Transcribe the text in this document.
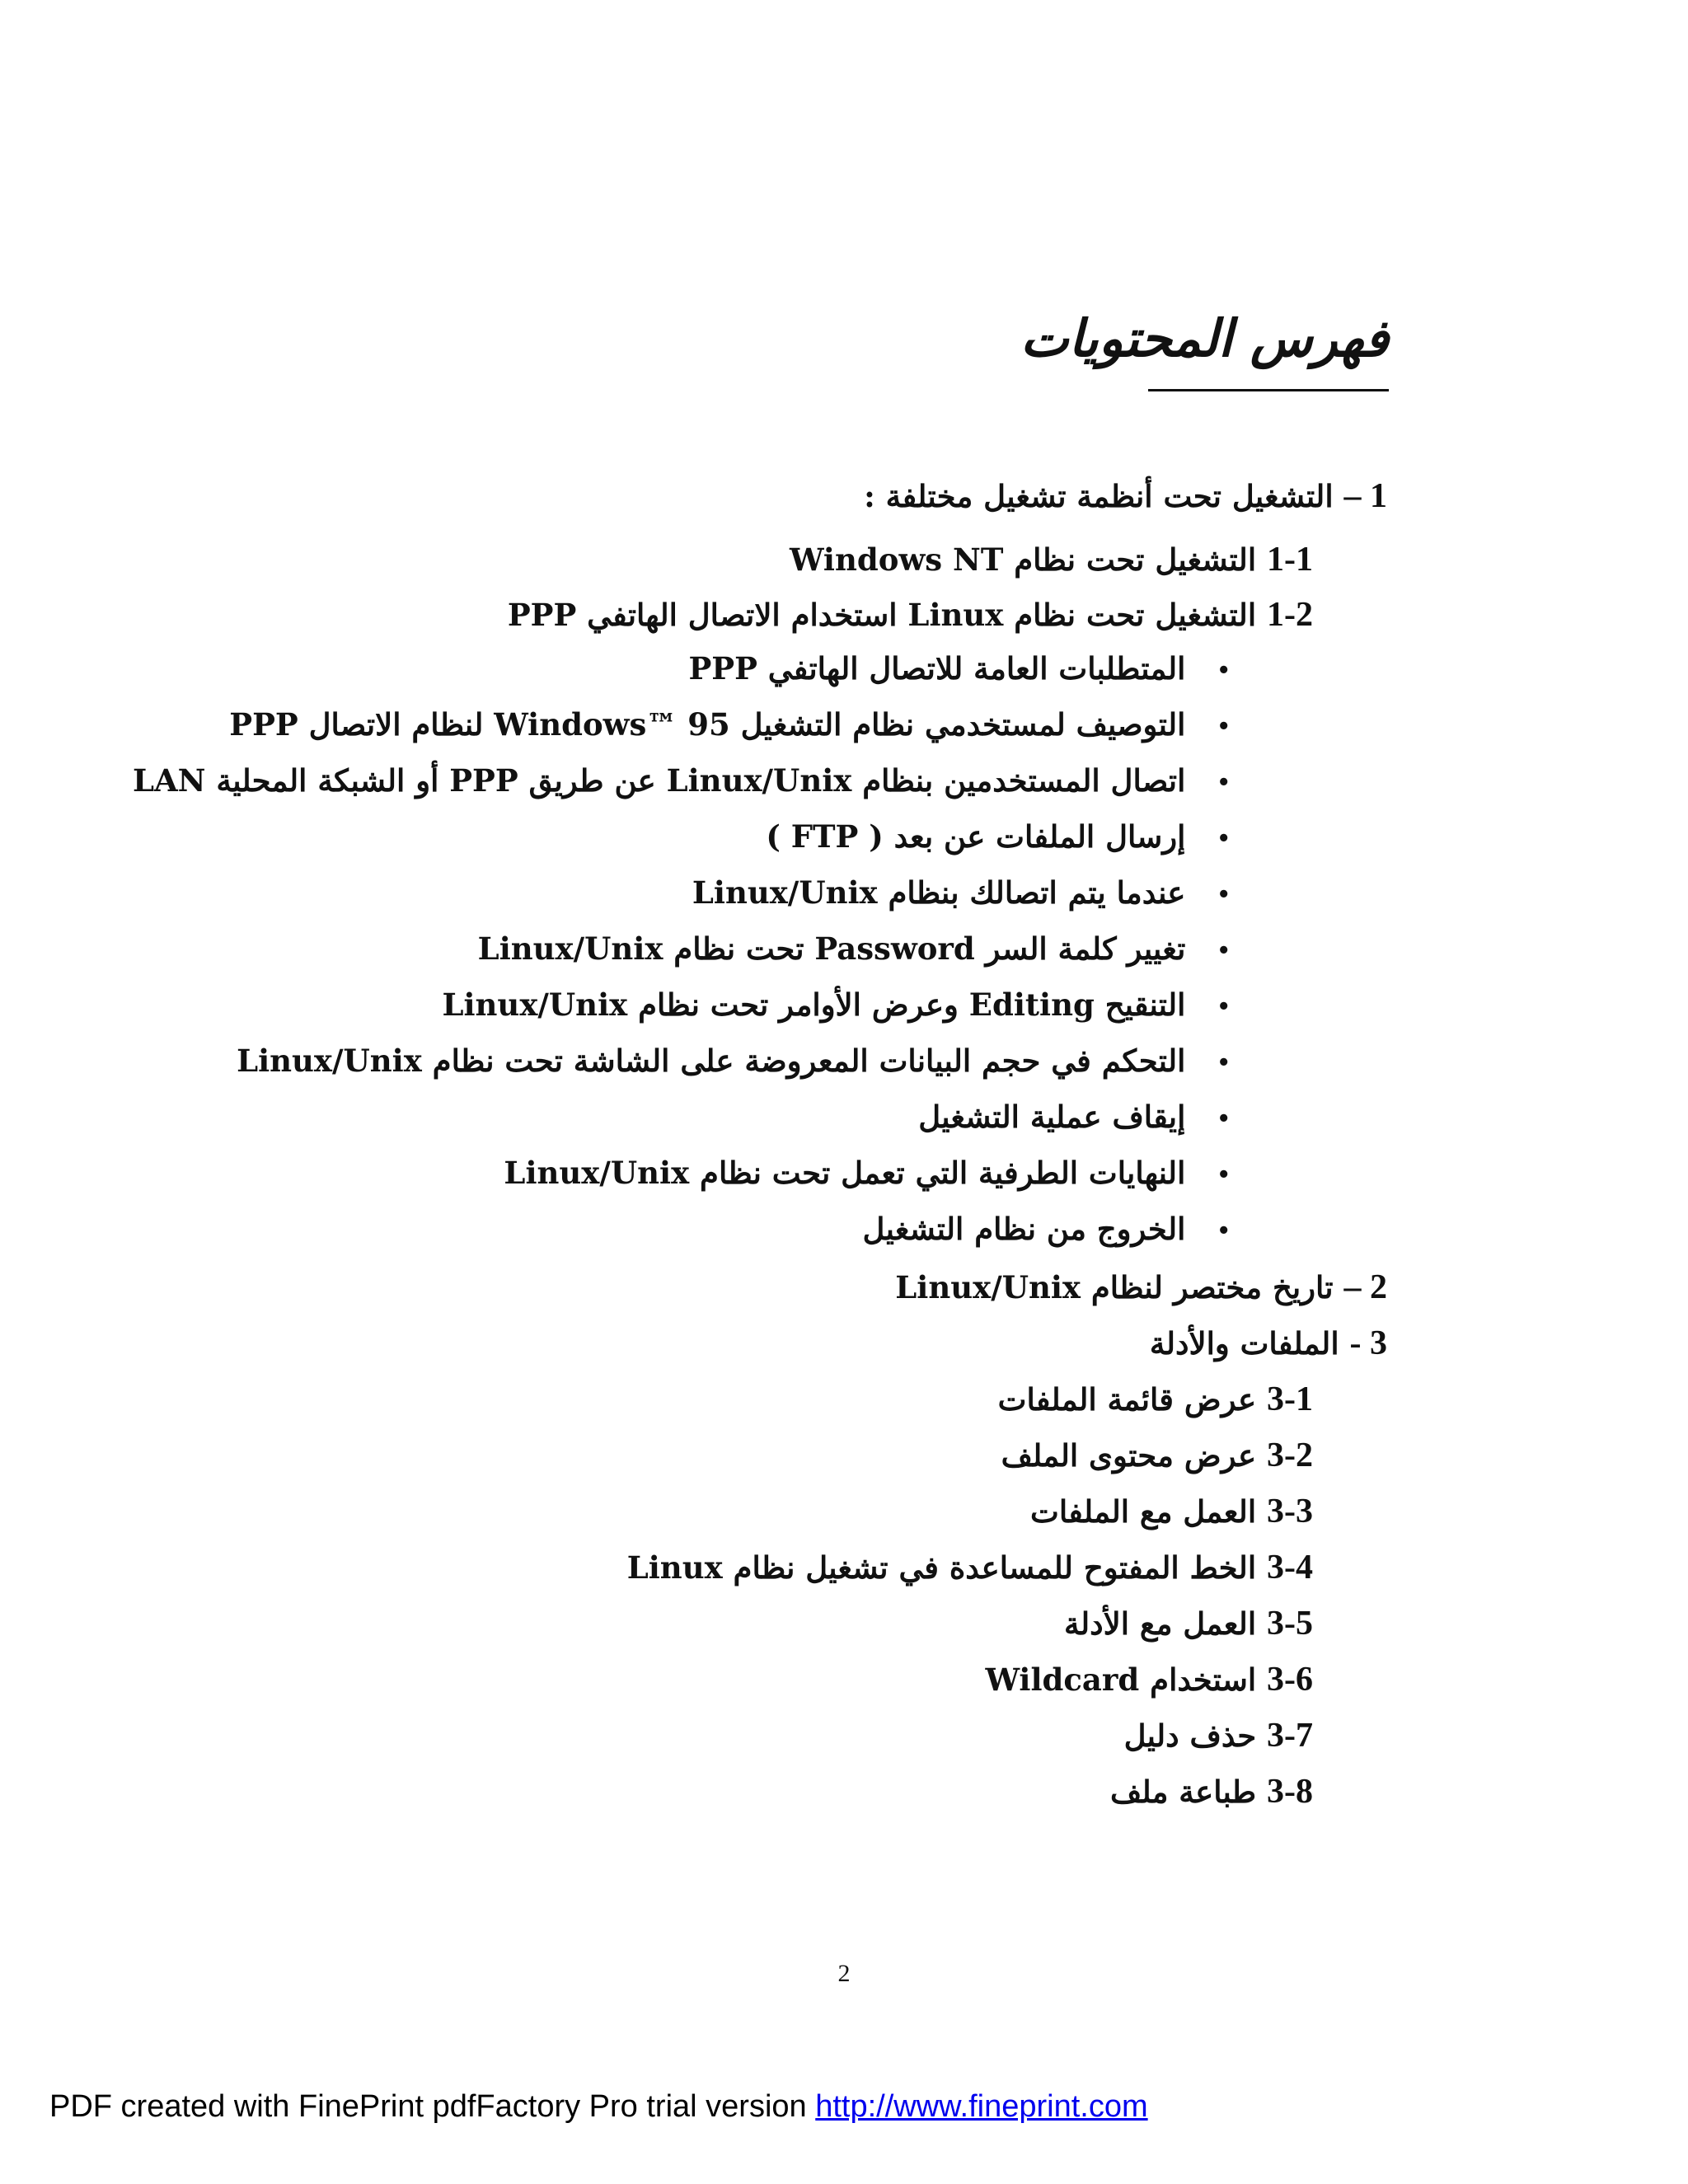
فهرس المحتويات
1 – التشغيل تحت أنظمة تشغيل مختلفة :
1-1 التشغيل تحت نظام Windows NT
1-2 التشغيل تحت نظام Linux استخدام الاتصال الهاتفي PPP
•المتطلبات العامة للاتصال الهاتفي PPP
•التوصيف لمستخدمي نظام التشغيل Windows™ 95 لنظام الاتصال PPP
•اتصال المستخدمين بنظام Linux/Unix عن طريق PPP أو الشبكة المحلية LAN
•إرسال الملفات عن بعد ( FTP )
•عندما يتم اتصالك بنظام Linux/Unix
•تغيير كلمة السر Password تحت نظام Linux/Unix
•التنقيح Editing وعرض الأوامر تحت نظام Linux/Unix
•التحكم في حجم البيانات المعروضة على الشاشة تحت نظام Linux/Unix
•إيقاف عملية التشغيل
•النهايات الطرفية التي تعمل تحت نظام Linux/Unix
•الخروج من نظام التشغيل
2 – تاريخ مختصر لنظام Linux/Unix
3 - الملفات والأدلة
3-1 عرض قائمة الملفات
3-2 عرض محتوى الملف
3-3 العمل مع الملفات
3-4 الخط المفتوح للمساعدة في تشغيل نظام Linux
3-5 العمل مع الأدلة
3-6 استخدام Wildcard
3-7 حذف دليل
3-8 طباعة ملف
2
PDF created with FinePrint pdfFactory Pro trial version http://www.fineprint.com
